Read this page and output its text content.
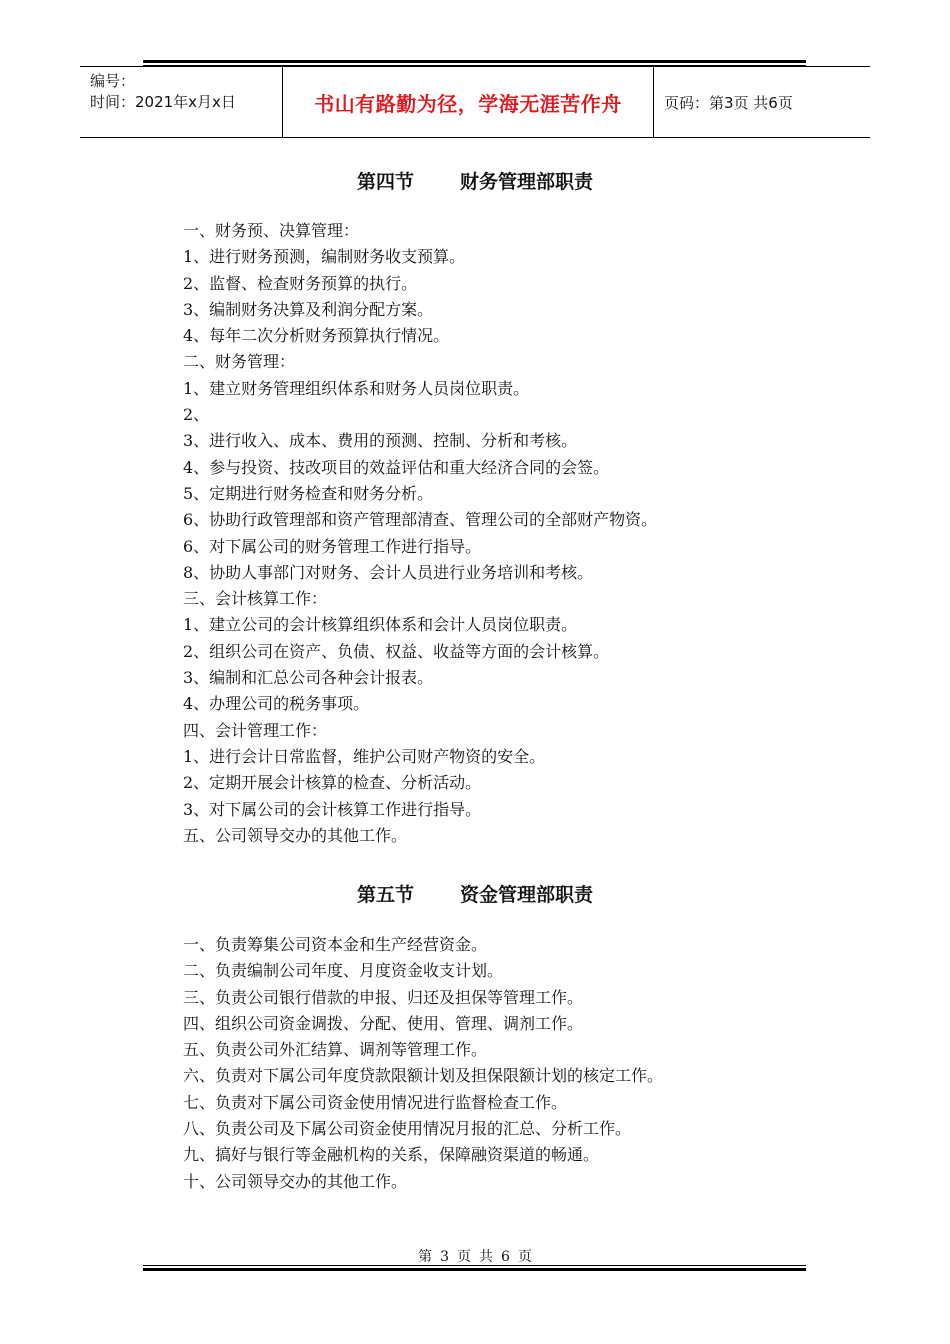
编号：
时间：2021年x月x日	书山有路勤为径，学海无涯苦作舟	页码：第3页 共6页
第四节 财务管理部职责
一、财务预、决算管理：
1、进行财务预测，编制财务收支预算。
2、监督、检查财务预算的执行。
3、编制财务决算及利润分配方案。
4、每年二次分析财务预算执行情况。
二、财务管理：
1、建立财务管理组织体系和财务人员岗位职责。
2、
3、进行收入、成本、费用的预测、控制、分析和考核。
4、参与投资、技改项目的效益评估和重大经济合同的会签。
5、定期进行财务检查和财务分析。
6、协助行政管理部和资产管理部清查、管理公司的全部财产物资。
6、对下属公司的财务管理工作进行指导。
8、协助人事部门对财务、会计人员进行业务培训和考核。
三、会计核算工作：
1、建立公司的会计核算组织体系和会计人员岗位职责。
2、组织公司在资产、负债、权益、收益等方面的会计核算。
3、编制和汇总公司各种会计报表。
4、办理公司的税务事项。
四、会计管理工作：
1、进行会计日常监督，维护公司财产物资的安全。
2、定期开展会计核算的检查、分析活动。
3、对下属公司的会计核算工作进行指导。
五、公司领导交办的其他工作。
第五节 资金管理部职责
一、负责筹集公司资本金和生产经营资金。
二、负责编制公司年度、月度资金收支计划。
三、负责公司银行借款的申报、归还及担保等管理工作。
四、组织公司资金调拨、分配、使用、管理、调剂工作。
五、负责公司外汇结算、调剂等管理工作。
六、负责对下属公司年度贷款限额计划及担保限额计划的核定工作。
七、负责对下属公司资金使用情况进行监督检查工作。
八、负责公司及下属公司资金使用情况月报的汇总、分析工作。
九、搞好与银行等金融机构的关系，保障融资渠道的畅通。
十、公司领导交办的其他工作。
第 3 页 共 6 页
